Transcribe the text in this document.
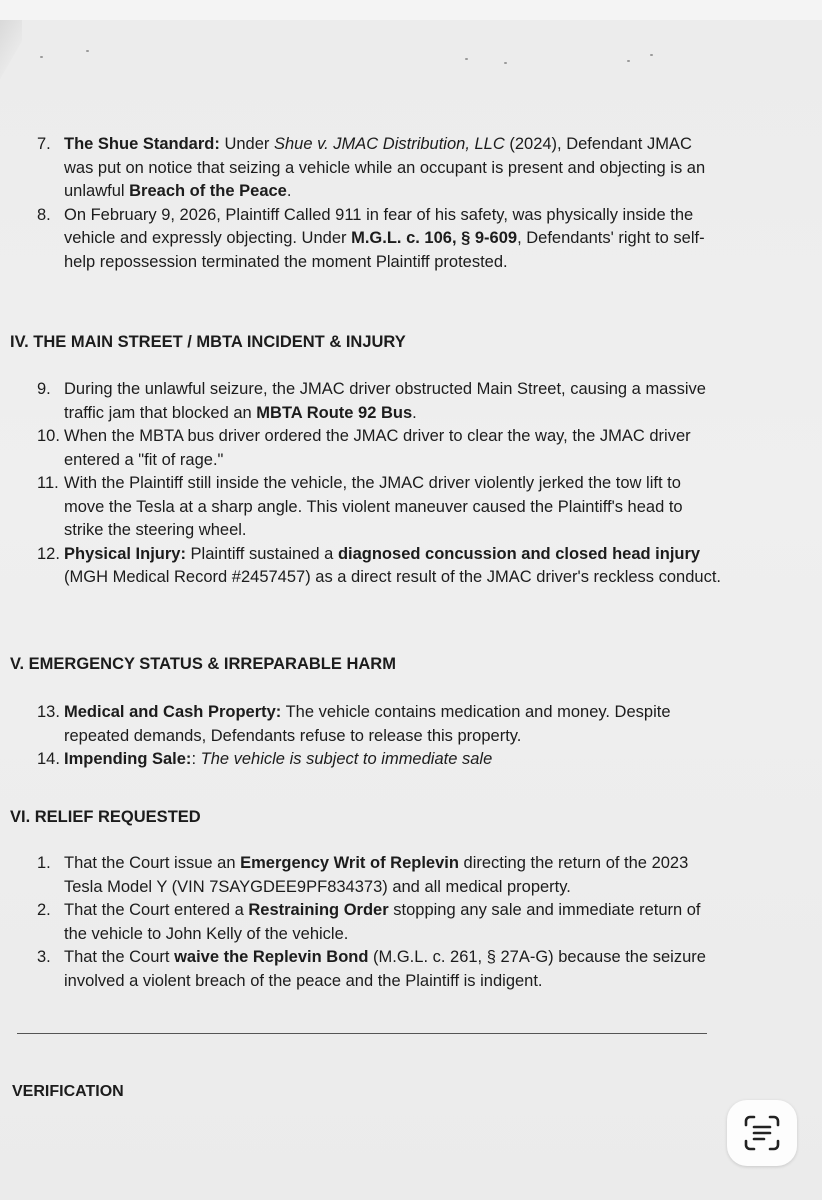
7. The Shue Standard: Under Shue v. JMAC Distribution, LLC (2024), Defendant JMAC was put on notice that seizing a vehicle while an occupant is present and objecting is an unlawful Breach of the Peace.
8. On February 9, 2026, Plaintiff Called 911 in fear of his safety, was physically inside the vehicle and expressly objecting. Under M.G.L. c. 106, § 9-609, Defendants' right to self-help repossession terminated the moment Plaintiff protested.
IV. THE MAIN STREET / MBTA INCIDENT & INJURY
9. During the unlawful seizure, the JMAC driver obstructed Main Street, causing a massive traffic jam that blocked an MBTA Route 92 Bus.
10. When the MBTA bus driver ordered the JMAC driver to clear the way, the JMAC driver entered a "fit of rage."
11. With the Plaintiff still inside the vehicle, the JMAC driver violently jerked the tow lift to move the Tesla at a sharp angle. This violent maneuver caused the Plaintiff's head to strike the steering wheel.
12. Physical Injury: Plaintiff sustained a diagnosed concussion and closed head injury (MGH Medical Record #2457457) as a direct result of the JMAC driver's reckless conduct.
V. EMERGENCY STATUS & IRREPARABLE HARM
13. Medical and Cash Property: The vehicle contains medication and money. Despite repeated demands, Defendants refuse to release this property.
14. Impending Sale:: The vehicle is subject to immediate sale
VI. RELIEF REQUESTED
1. That the Court issue an Emergency Writ of Replevin directing the return of the 2023 Tesla Model Y (VIN 7SAYGDEE9PF834373) and all medical property.
2. That the Court entered a Restraining Order stopping any sale and immediate return of the vehicle to John Kelly of the vehicle.
3. That the Court waive the Replevin Bond (M.G.L. c. 261, § 27A-G) because the seizure involved a violent breach of the peace and the Plaintiff is indigent.

VERIFICATION
